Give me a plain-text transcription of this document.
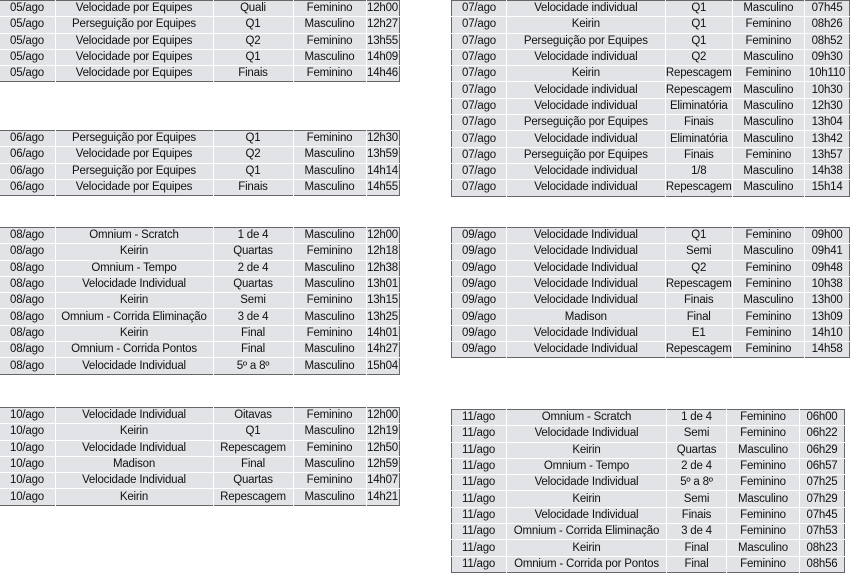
05/ago	Velocidade por Equipes	Quali	Feminino	12h00
05/ago	Perseguição por Equipes	Q1	Masculino	12h27
05/ago	Velocidade por Equipes	Q2	Feminino	13h55
05/ago	Velocidade por Equipes	Q1	Masculino	14h09
05/ago	Velocidade por Equipes	Finais	Feminino	14h46
06/ago	Perseguição por Equipes	Q1	Feminino	12h30
06/ago	Velocidade por Equipes	Q2	Masculino	13h59
06/ago	Perseguição por Equipes	Q1	Masculino	14h14
06/ago	Velocidade por Equipes	Finais	Masculino	14h55
08/ago	Omnium - Scratch	1 de 4	Masculino	12h00
08/ago	Keirin	Quartas	Feminino	12h18
08/ago	Omnium - Tempo	2 de 4	Masculino	12h38
08/ago	Velocidade Individual	Quartas	Masculino	13h01
08/ago	Keirin	Semi	Feminino	13h15
08/ago	Omnium - Corrida Eliminação	3 de 4	Masculino	13h25
08/ago	Keirin	Final	Feminino	14h01
08/ago	Omnium - Corrida Pontos	Final	Masculino	14h27
08/ago	Velocidade Individual	5º a 8º	Masculino	15h04
10/ago	Velocidade Individual	Oitavas	Feminino	12h00
10/ago	Keirin	Q1	Masculino	12h19
10/ago	Velocidade Individual	Repescagem	Feminino	12h50
10/ago	Madison	Final	Masculino	12h59
10/ago	Velocidade Individual	Quartas	Feminino	14h07
10/ago	Keirin	Repescagem	Masculino	14h21
07/ago	Velocidade individual	Q1	Masculino	07h45
07/ago	Keirin	Q1	Feminino	08h26
07/ago	Perseguição por Equipes	Q1	Feminino	08h52
07/ago	Velocidade individual	Q2	Masculino	09h30
07/ago	Keirin	Repescagem	Feminino	10h110
07/ago	Velocidade individual	Repescagem	Masculino	10h30
07/ago	Velocidade individual	Eliminatória	Masculino	12h30
07/ago	Perseguição por Equipes	Finais	Masculino	13h04
07/ago	Velocidade individual	Eliminatória	Masculino	13h42
07/ago	Perseguição por Equipes	Finais	Feminino	13h57
07/ago	Velocidade individual	1/8	Masculino	14h38
07/ago	Velocidade individual	Repescagem	Masculino	15h14
09/ago	Velocidade Individual	Q1	Feminino	09h00
09/ago	Velocidade Individual	Semi	Masculino	09h41
09/ago	Velocidade Individual	Q2	Feminino	09h48
09/ago	Velocidade Individual	Repescagem	Feminino	10h38
09/ago	Velocidade Individual	Finais	Masculino	13h00
09/ago	Madison	Final	Feminino	13h09
09/ago	Velocidade Individual	E1	Feminino	14h10
09/ago	Velocidade Individual	Repescagem	Feminino	14h58
11/ago	Omnium - Scratch	1 de 4	Feminino	06h00
11/ago	Velocidade Individual	Semi	Feminino	06h22
11/ago	Keirin	Quartas	Masculino	06h29
11/ago	Omnium - Tempo	2 de 4	Feminino	06h57
11/ago	Velocidade Individual	5º a 8º	Feminino	07h25
11/ago	Keirin	Semi	Masculino	07h29
11/ago	Velocidade Individual	Finais	Feminino	07h45
11/ago	Omnium - Corrida Eliminação	3 de 4	Feminino	07h53
11/ago	Keirin	Final	Masculino	08h23
11/ago	Omnium - Corrida por Pontos	Final	Feminino	08h56
